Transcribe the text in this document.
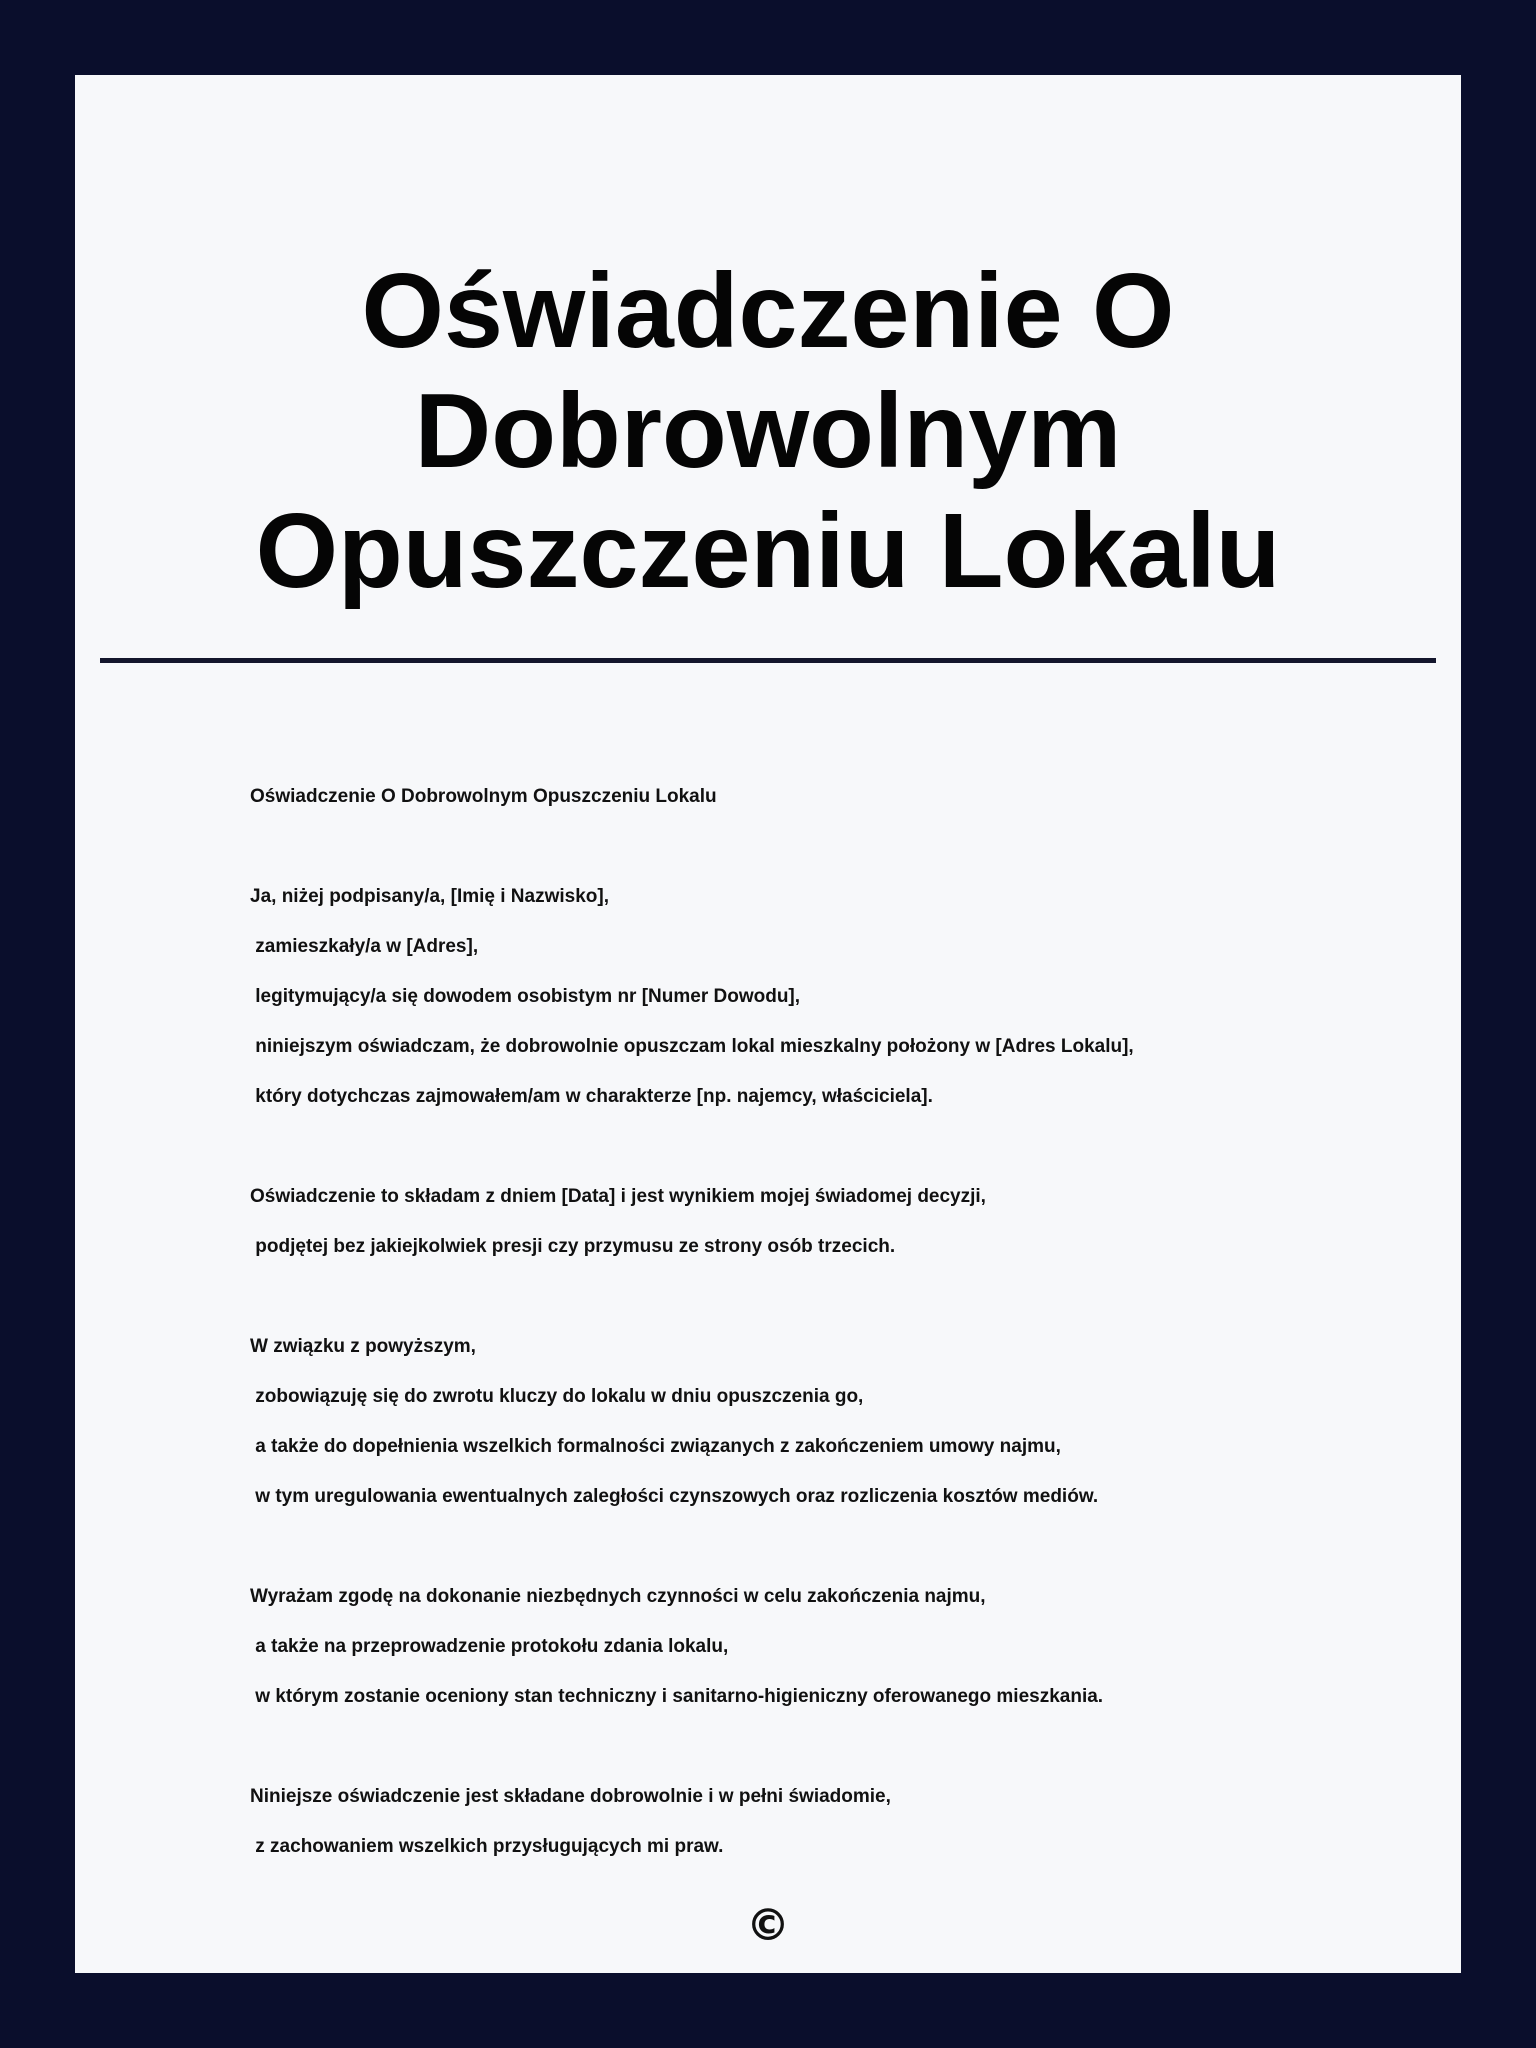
Oświadczenie O Dobrowolnym Opuszczeniu Lokalu
Oświadczenie O Dobrowolnym Opuszczeniu Lokalu
Ja, niżej podpisany/a, [Imię i Nazwisko],
zamieszkały/a w [Adres],
legitymujący/a się dowodem osobistym nr [Numer Dowodu],
niniejszym oświadczam, że dobrowolnie opuszczam lokal mieszkalny położony w [Adres Lokalu],
który dotychczas zajmowałem/am w charakterze [np. najemcy, właściciela].
Oświadczenie to składam z dniem [Data] i jest wynikiem mojej świadomej decyzji,
podjętej bez jakiejkolwiek presji czy przymusu ze strony osób trzecich.
W związku z powyższym,
zobowiązuję się do zwrotu kluczy do lokalu w dniu opuszczenia go,
a także do dopełnienia wszelkich formalności związanych z zakończeniem umowy najmu,
w tym uregulowania ewentualnych zaległości czynszowych oraz rozliczenia kosztów mediów.
Wyrażam zgodę na dokonanie niezbędnych czynności w celu zakończenia najmu,
a także na przeprowadzenie protokołu zdania lokalu,
w którym zostanie oceniony stan techniczny i sanitarno-higieniczny oferowanego mieszkania.
Niniejsze oświadczenie jest składane dobrowolnie i w pełni świadomie,
z zachowaniem wszelkich przysługujących mi praw.
©
